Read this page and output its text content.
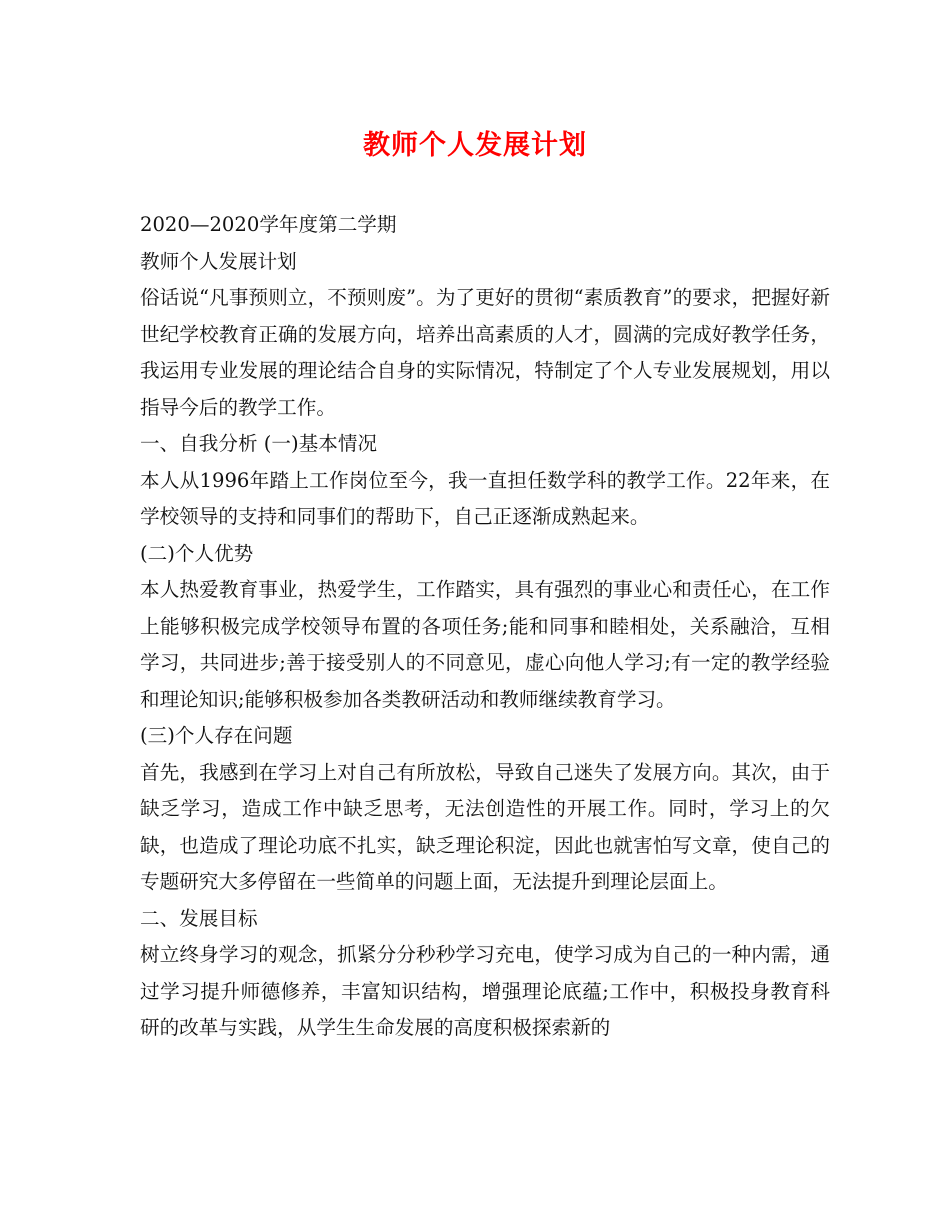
教师个人发展计划

2020—2020学年度第二学期

教师个人发展计划

俗话说“凡事预则立，不预则废”。为了更好的贯彻“素质教育”的要求，把握好新世纪学校教育正确的发展方向，培养出高素质的人才，圆满的完成好教学任务，我运用专业发展的理论结合自身的实际情况，特制定了个人专业发展规划，用以指导今后的教学工作。

一、自我分析 (一)基本情况

本人从1996年踏上工作岗位至今，我一直担任数学科的教学工作。22年来，在学校领导的支持和同事们的帮助下，自己正逐渐成熟起来。

(二)个人优势

本人热爱教育事业，热爱学生，工作踏实，具有强烈的事业心和责任心，在工作上能够积极完成学校领导布置的各项任务;能和同事和睦相处，关系融洽，互相学习，共同进步;善于接受别人的不同意见，虚心向他人学习;有一定的教学经验和理论知识;能够积极参加各类教研活动和教师继续教育学习。

(三)个人存在问题

首先，我感到在学习上对自己有所放松，导致自己迷失了发展方向。其次，由于缺乏学习，造成工作中缺乏思考，无法创造性的开展工作。同时，学习上的欠缺，也造成了理论功底不扎实，缺乏理论积淀，因此也就害怕写文章，使自己的专题研究大多停留在一些简单的问题上面，无法提升到理论层面上。

二、发展目标

树立终身学习的观念，抓紧分分秒秒学习充电，使学习成为自己的一种内需，通过学习提升师德修养，丰富知识结构，增强理论底蕴;工作中，积极投身教育科研的改革与实践，从学生生命发展的高度积极探索新的
